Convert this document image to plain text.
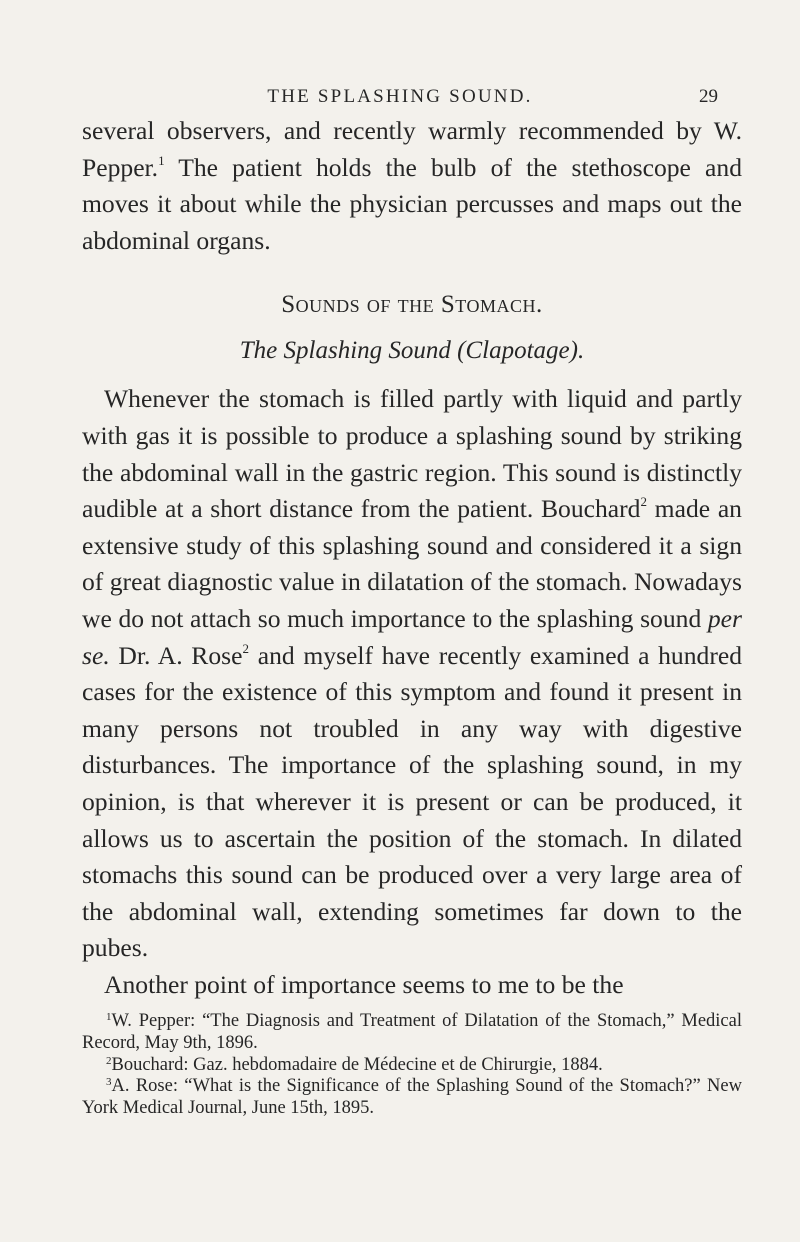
THE SPLASHING SOUND.	29

several observers, and recently warmly recommended by W. Pepper.$^1$ The patient holds the bulb of the stethoscope and moves it about while the physician percusses and maps out the abdominal organs.

Sounds of the Stomach.
The Splashing Sound (Clapotage).

Whenever the stomach is filled partly with liquid and partly with gas it is possible to produce a splashing sound by striking the abdominal wall in the gastric region. This sound is distinctly audible at a short distance from the patient. Bouchard$^2$ made an extensive study of this splashing sound and considered it a sign of great diagnostic value in dilatation of the stomach. Nowadays we do not attach so much importance to the splashing sound per se. Dr. A. Rose$^2$ and myself have recently examined a hundred cases for the existence of this symptom and found it present in many persons not troubled in any way with digestive disturbances. The importance of the splashing sound, in my opinion, is that wherever it is present or can be produced, it allows us to ascertain the position of the stomach. In dilated stomachs this sound can be produced over a very large area of the abdominal wall, extending sometimes far down to the pubes.

Another point of importance seems to me to be the

$^1$W. Pepper: “The Diagnosis and Treatment of Dilatation of the Stomach,” Medical Record, May 9th, 1896.

$^2$Bouchard: Gaz. hebdomadaire de Médecine et de Chirurgie, 1884.

$^3$A. Rose: “What is the Significance of the Splashing Sound of the Stomach?” New York Medical Journal, June 15th, 1895.
